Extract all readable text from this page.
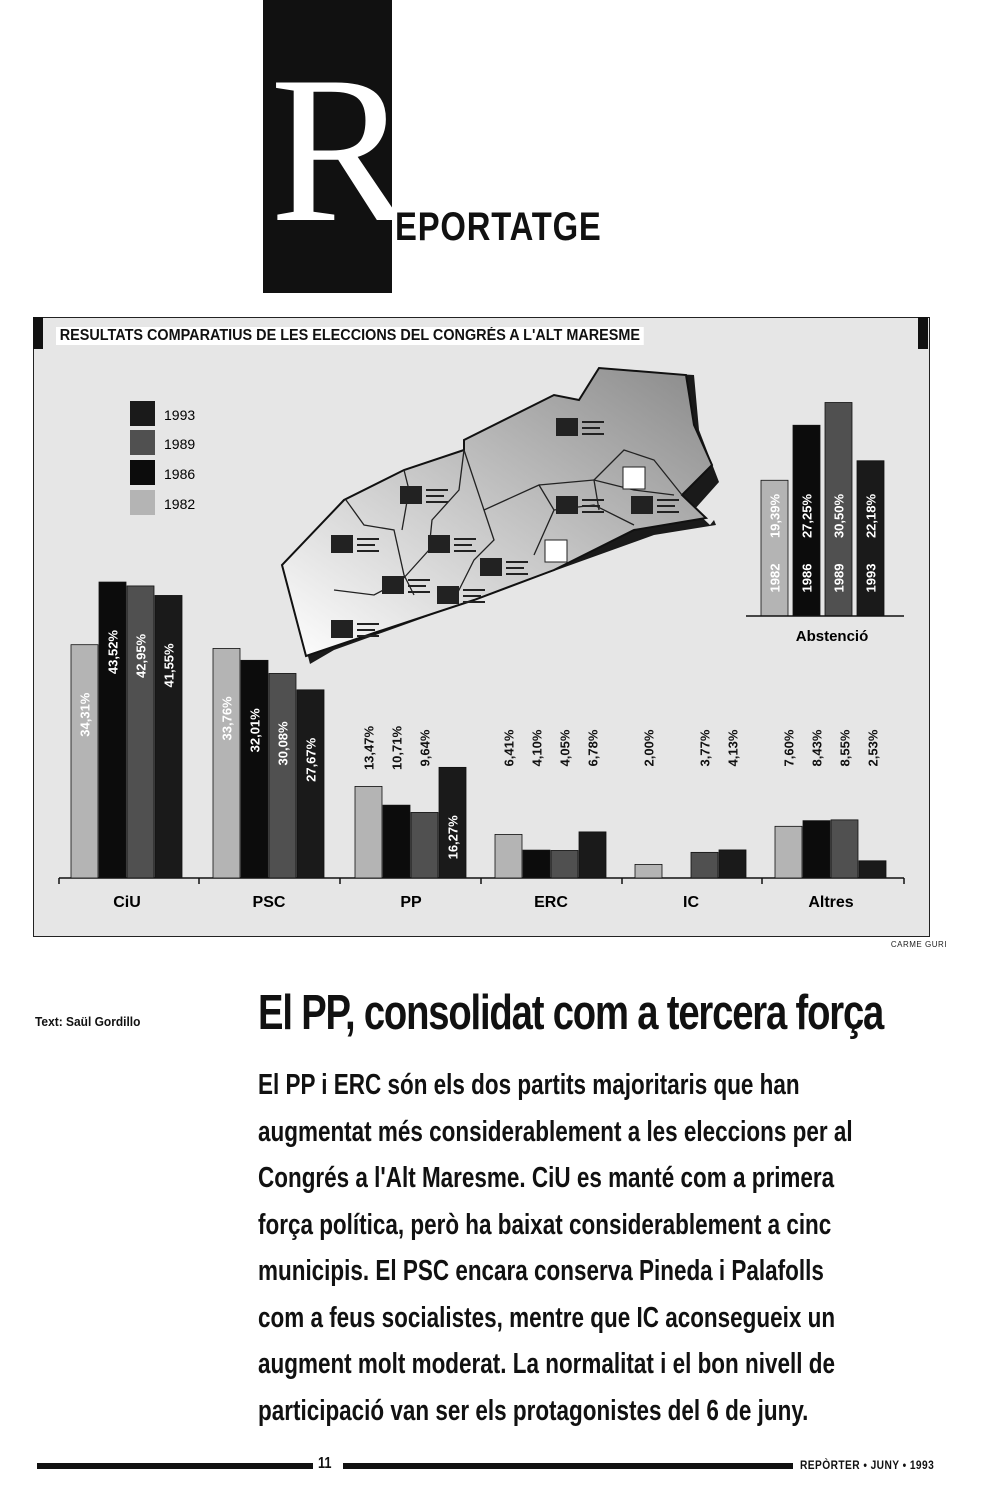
R
EPORTATGE
RESULTATS COMPARATIUS DE LES ELECCIONS DEL CONGRÉS A L'ALT MARESME
1993
1989
1986
1982
34,31%
43,52% 42,95% 41,55%
CiU
33,76% 32,01% 30,08% 27,67%
PSC
13,47% 10,71% 9,64%
16,27%
PP
6,41% 4,10% 4,05% 6,78%
ERC
2,00%	3,77% 4,13%
IC
7,60% 8,43% 8,55% 2,53%
Altres
1982
19,39%
1986
27,25%
1989
30,50%
1993
22,18%
Abstenció
CARME GURI
Text: Saül Gordillo El PP, consolidat com a tercera força
El PP i ERC són els dos partits majoritaris que han
augmentat més considerablement a les eleccions per al
Congrés a l'Alt Maresme. CiU es manté com a primera
força política, però ha baixat considerablement a cinc
municipis. El PSC encara conserva Pineda i Palafolls
com a feus socialistes, mentre que IC aconsegueix un
augment molt moderat. La normalitat i el bon nivell de
participació van ser els protagonistes del 6 de juny.
11	REPÒRTER • JUNY • 1993
